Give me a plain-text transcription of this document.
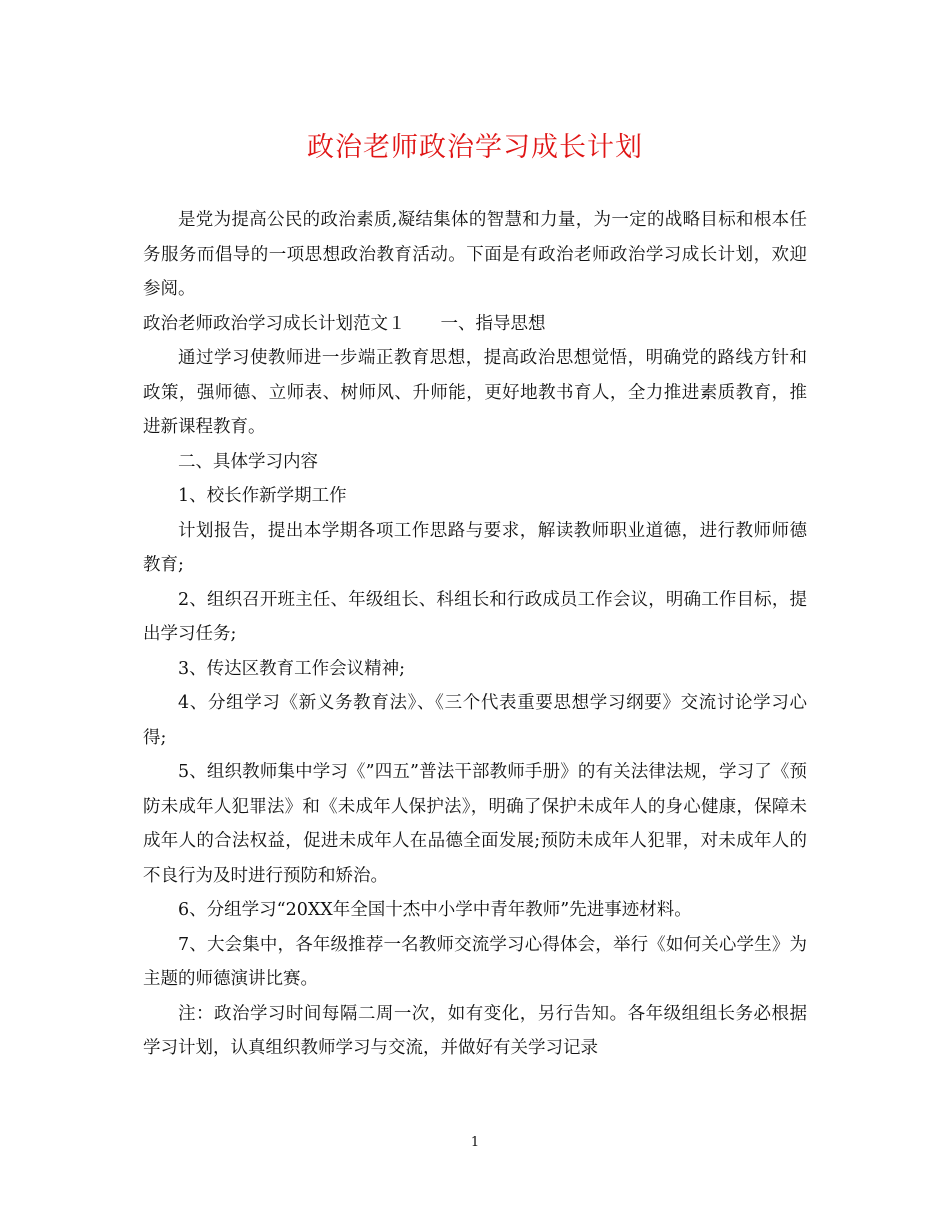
政治老师政治学习成长计划

是党为提高公民的政治素质,凝结集体的智慧和力量，为一定的战略目标和根本任务服务而倡导的一项思想政治教育活动。下面是有政治老师政治学习成长计划，欢迎参阅。

政治老师政治学习成长计划范文１　　一、指导思想

通过学习使教师进一步端正教育思想，提高政治思想觉悟，明确党的路线方针和政策，强师德、立师表、树师风、升师能，更好地教书育人，全力推进素质教育，推进新课程教育。

二、具体学习内容

1、校长作新学期工作

计划报告，提出本学期各项工作思路与要求，解读教师职业道德，进行教师师德教育;

2、组织召开班主任、年级组长、科组长和行政成员工作会议，明确工作目标，提出学习任务;

3、传达区教育工作会议精神;

4、分组学习《新义务教育法》、《三个代表重要思想学习纲要》交流讨论学习心得;

5、组织教师集中学习《”四五”普法干部教师手册》的有关法律法规，学习了《预防未成年人犯罪法》和《未成年人保护法》，明确了保护未成年人的身心健康，保障未成年人的合法权益，促进未成年人在品德全面发展;预防未成年人犯罪，对未成年人的不良行为及时进行预防和矫治。

6、分组学习“20XX年全国十杰中小学中青年教师”先进事迹材料。

7、大会集中，各年级推荐一名教师交流学习心得体会，举行《如何关心学生》为主题的师德演讲比赛。

注：政治学习时间每隔二周一次，如有变化，另行告知。各年级组组长务必根据学习计划，认真组织教师学习与交流，并做好有关学习记录

1
